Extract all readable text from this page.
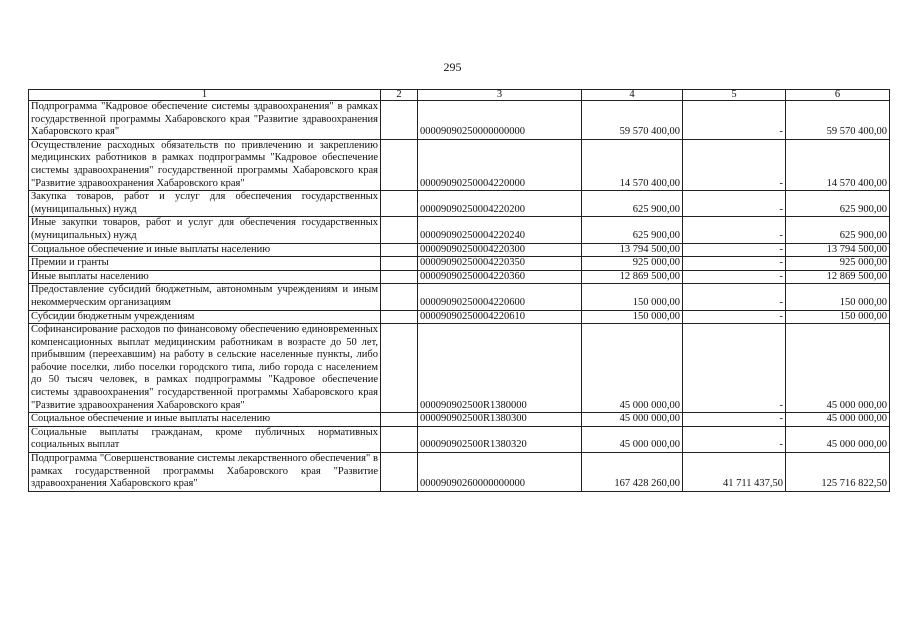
295
1	2	3	4	5	6
Подпрограмма "Кадровое обеспечение системы здравоохранения" в рамках государственной программы Хабаровского края "Развитие здравоохранения Хабаровского края"		00009090250000000000	59 570 400,00	-	59 570 400,00
Осуществление расходных обязательств по привлечению и закреплению медицинских работников в рамках подпрограммы "Кадровое обеспечение системы здравоохранения" государственной программы Хабаровского края "Развитие здравоохранения Хабаровского края"		00009090250004220000	14 570 400,00	-	14 570 400,00
Закупка товаров, работ и услуг для обеспечения государственных (муниципальных) нужд		00009090250004220200	625 900,00	-	625 900,00
Иные закупки товаров, работ и услуг для обеспечения государственных (муниципальных) нужд		00009090250004220240	625 900,00	-	625 900,00
Социальное обеспечение и иные выплаты населению		00009090250004220300	13 794 500,00	-	13 794 500,00
Премии и гранты		00009090250004220350	925 000,00	-	925 000,00
Иные выплаты населению		00009090250004220360	12 869 500,00	-	12 869 500,00
Предоставление субсидий бюджетным, автономным учреждениям и иным некоммерческим организациям		00009090250004220600	150 000,00	-	150 000,00
Субсидии бюджетным учреждениям		00009090250004220610	150 000,00	-	150 000,00
Софинансирование расходов по финансовому обеспечению единовременных компенсационных выплат медицинским работникам в возрасте до 50 лет, прибывшим (переехавшим) на работу в сельские населенные пункты, либо рабочие поселки, либо поселки городского типа, либо города с населением до 50 тысяч человек, в рамках подпрограммы "Кадровое обеспечение системы здравоохранения" государственной программы Хабаровского края "Развитие здравоохранения Хабаровского края"		000090902500R1380000	45 000 000,00	-	45 000 000,00
Социальное обеспечение и иные выплаты населению		000090902500R1380300	45 000 000,00	-	45 000 000,00
Социальные выплаты гражданам, кроме публичных нормативных социальных выплат		000090902500R1380320	45 000 000,00	-	45 000 000,00
Подпрограмма "Совершенствование системы лекарственного обеспечения" в рамках государственной программы Хабаровского края "Развитие здравоохранения Хабаровского края"		00009090260000000000	167 428 260,00	41 711 437,50	125 716 822,50
